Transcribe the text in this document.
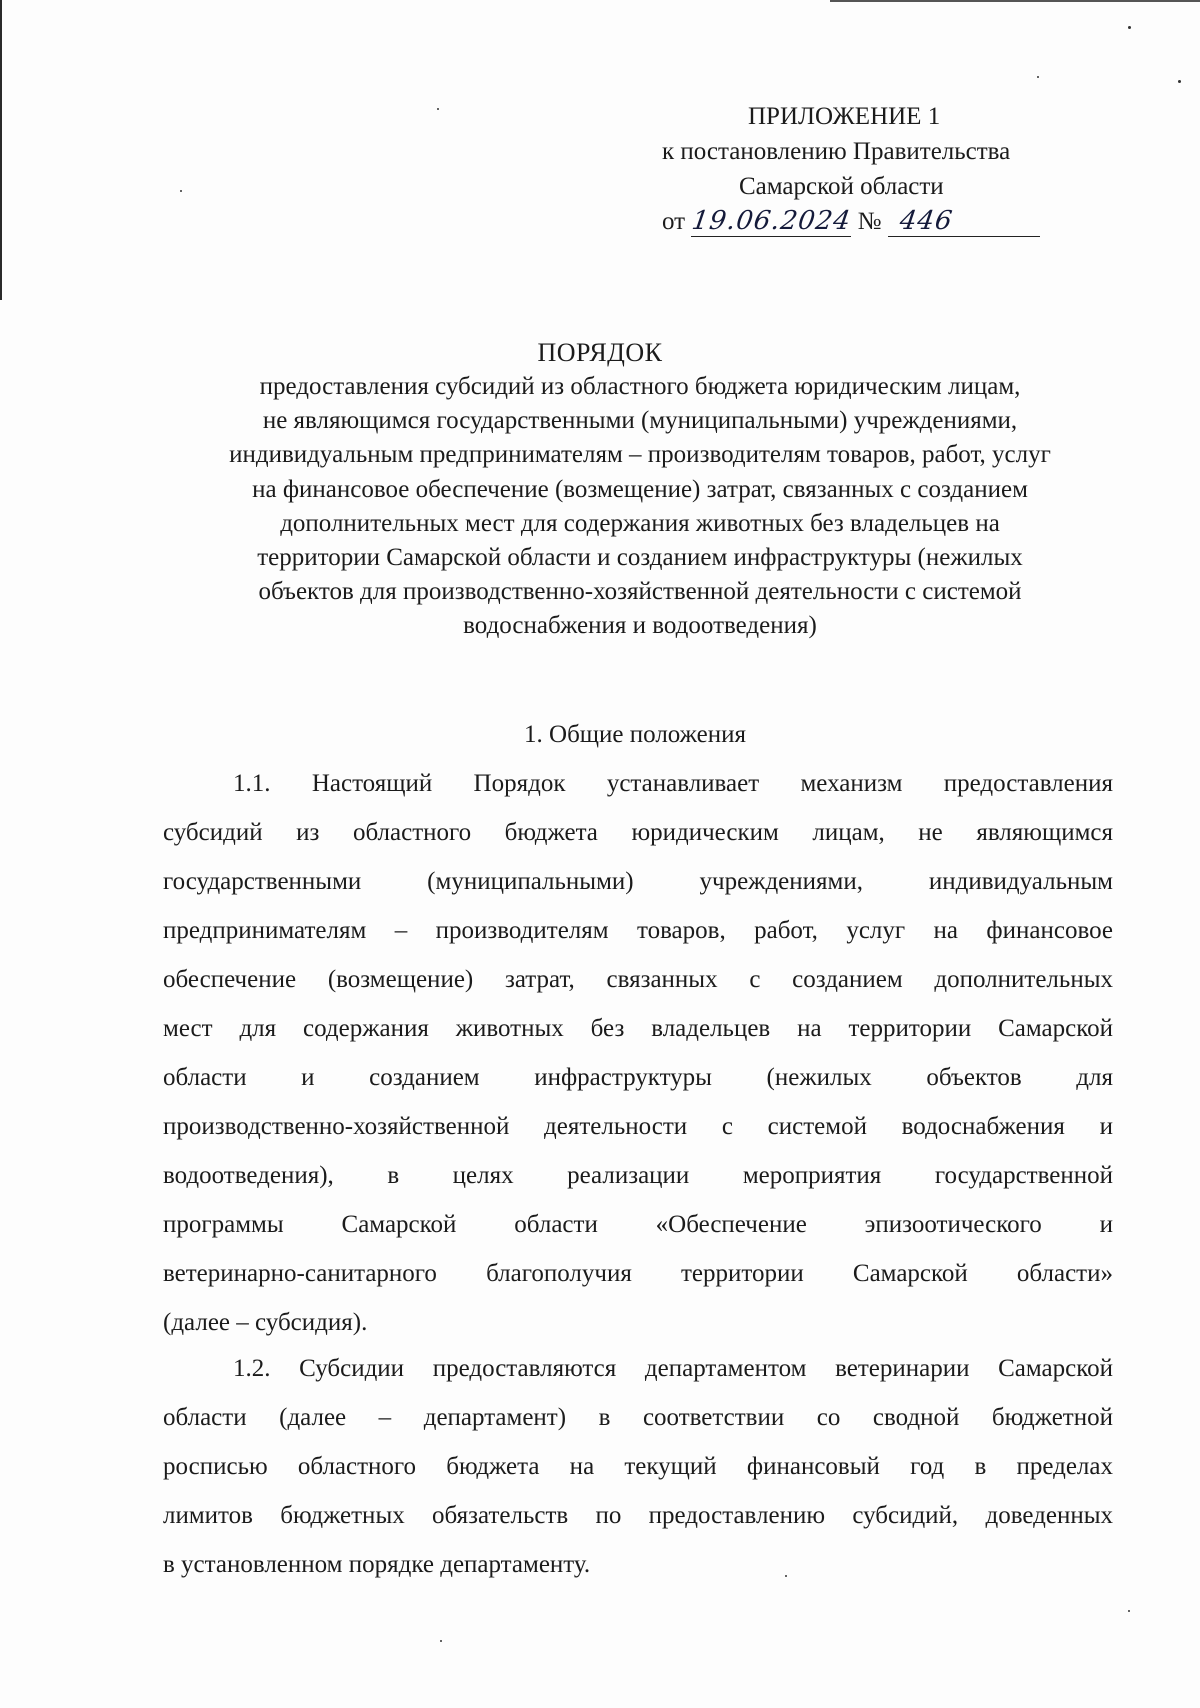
ПРИЛОЖЕНИЕ 1
к постановлению Правительства
Самарской области
от 19.06.2024 № 446
ПОРЯДОК
предоставления субсидий из областного бюджета юридическим лицам,
не являющимся государственными (муниципальными) учреждениями,
индивидуальным предпринимателям – производителям товаров, работ, услуг
на финансовое обеспечение (возмещение) затрат, связанных с созданием
дополнительных мест для содержания животных без владельцев на
территории Самарской области и созданием инфраструктуры (нежилых
объектов для производственно-хозяйственной деятельности с системой
водоснабжения и водоотведения)
1. Общие положения
1.1. Настоящий Порядок устанавливает механизм предоставления
субсидий из областного бюджета юридическим лицам, не являющимся
государственными (муниципальными) учреждениями, индивидуальным
предпринимателям – производителям товаров, работ, услуг на финансовое
обеспечение (возмещение) затрат, связанных с созданием дополнительных
мест для содержания животных без владельцев на территории Самарской
области и созданием инфраструктуры (нежилых объектов для
производственно-хозяйственной деятельности с системой водоснабжения и
водоотведения), в целях реализации мероприятия государственной
программы Самарской области «Обеспечение эпизоотического и
ветеринарно-санитарного благополучия территории Самарской области»
(далее – субсидия).
1.2. Субсидии предоставляются департаментом ветеринарии Самарской
области (далее – департамент) в соответствии со сводной бюджетной
росписью областного бюджета на текущий финансовый год в пределах
лимитов бюджетных обязательств по предоставлению субсидий, доведенных
в установленном порядке департаменту.
